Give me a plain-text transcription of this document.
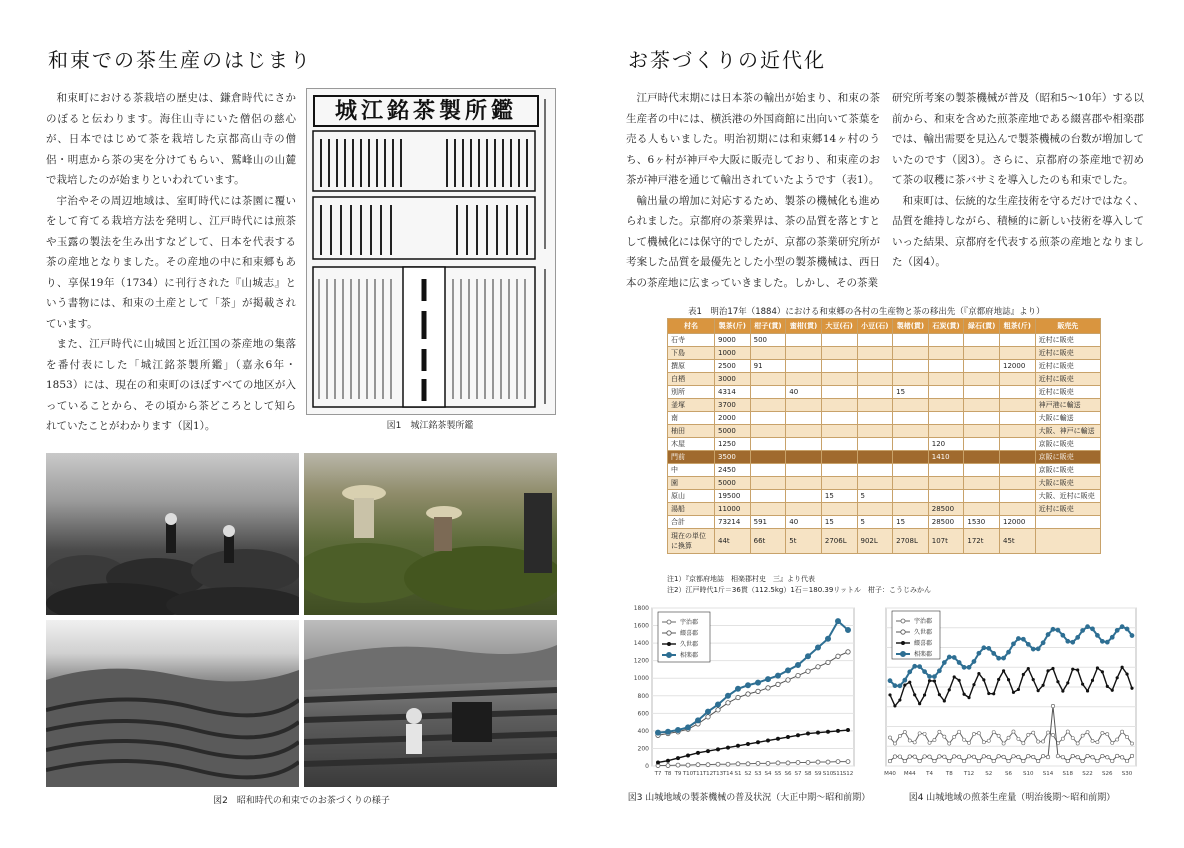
和束での茶生産のはじまり

和束町における茶栽培の歴史は、鎌倉時代にさかのぼると伝わります。海住山寺にいた僧侶の慈心が、日本ではじめて茶を栽培した京都高山寺の僧侶・明恵から茶の実を分けてもらい、鷲峰山の山麓で栽培したのが始まりといわれています。

宇治やその周辺地域は、室町時代には茶園に覆いをして育てる栽培方法を発明し、江戸時代には煎茶や玉露の製法を生み出すなどして、日本を代表する茶の産地となりました。その産地の中に和束郷もあり、享保19年（1734）に刊行された『山城志』という書物には、和束の土産として「茶」が掲載されています。

また、江戸時代に山城国と近江国の茶産地の集落を番付表にした「城江銘茶製所鑑」（嘉永6年・1853）には、現在の和束町のほぼすべての地区が入っていることから、その頃から茶どころとして知られていたことがわかります（図1）。

城江銘茶製所鑑
図1　城江銘茶製所鑑
図2　昭和時代の和束でのお茶づくりの様子
お茶づくりの近代化

江戸時代末期には日本茶の輸出が始まり、和束の茶生産者の中には、横浜港の外国商館に出向いて茶葉を売る人もいました。明治初期には和束郷14ヶ村のうち、6ヶ村が神戸や大阪に販売しており、和束産のお茶が神戸港を通じて輸出されていたようです（表1）。

輸出量の増加に対応するため、製茶の機械化も進められました。京都府の茶業界は、茶の品質を落とすとして機械化には保守的でしたが、京都の茶業研究所が考案した品質を最優先とした小型の製茶機械は、西日本の茶産地に広まっていきました。しかし、その茶業

研究所考案の製茶機械が普及（昭和5〜10年）する以前から、和束を含めた煎茶産地である綴喜郡や相楽郡では、輸出需要を見込んで製茶機械の台数が増加していたのです（図3）。さらに、京都府の茶産地で初めて茶の収穫に茶バサミを導入したのも和束でした。

和束町は、伝統的な生産技術を守るだけではなく、品質を維持しながら、積極的に新しい技術を導入していった結果、京都府を代表する煎茶の産地となりました（図4）。

表1　明治17年（1884）における和束郷の各村の生産物と茶の移出先（『京都府地誌』より）
村名	製茶(斤)	柑子(貫)	蜜柑(貫)	大豆(石)	小豆(石)	製楮(貫)	石炭(貫)	緑石(貫)	粗茶(斤)	販売先
石寺	9000	500								近村に販売
下島	1000									近村に販売
撰原	2500	91							12000	近村に販売
白栖	3000									近村に販売
別所	4314		40			15				近村に販売
釜塚	3700									神戸港に輸送
南	2000									大阪に輸送
柚田	5000									大阪、神戸に輸送
木屋	1250						120			京阪に販売
門前	3500						1410			京阪に販売
中	2450									京阪に販売
園	5000									大阪に販売
原山	19500			15	5					大阪、近村に販売
湯船	11000						28500			近村に販売
合計	73214	591	40	15	5	15	28500	1530	12000	
現在の単位に換算	44t	66t	5t	2706L	902L	2708L	107t	172t	45t	
注1）『京都府地誌　相楽郡村史　三』より代表
注2）江戸時代1斤＝36貫（112.5kg）1石＝180.39リットル　柑子：こうじみかん
0
200
400
600
800
1000
1200
1400
1600
1800
T7 T8 T9 T10 T11 T12 T13 T14 S1 S2 S3 S4 S5 S6 S7 S8 S9 S10 S11 S12
宇治郡
綴喜郡
久世郡
相楽郡
図3 山城地域の製茶機械の普及状況（大正中期〜昭和前期）
M40 M44 T4 T8 T12 S2 S6 S10 S14 S18 S22 S26 S30
宇治郡
久世郡
綴喜郡
相楽郡
図4 山城地域の煎茶生産量（明治後期〜昭和前期）
